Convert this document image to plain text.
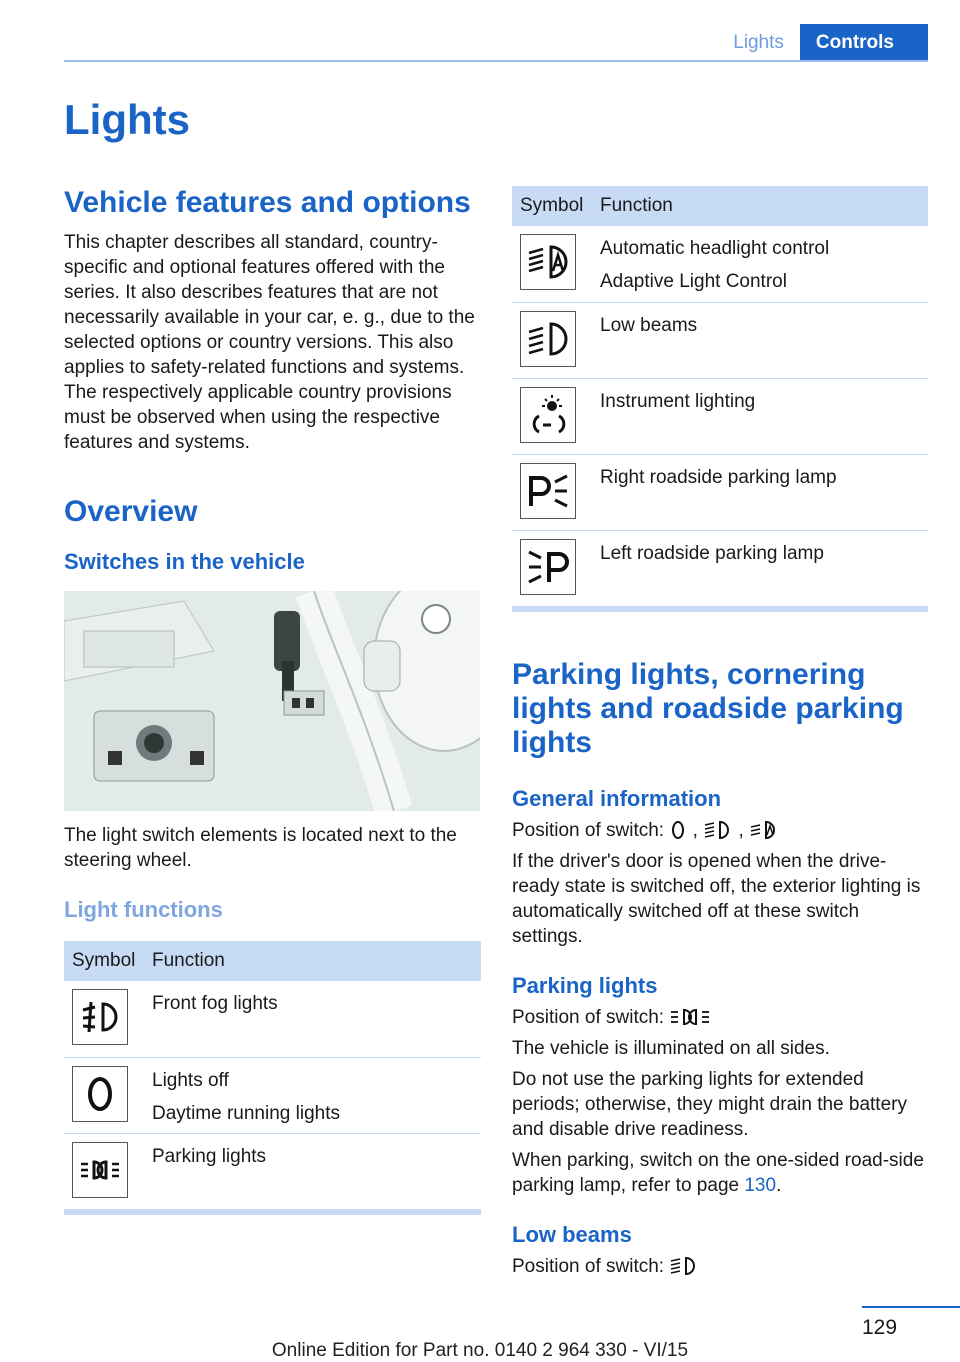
Lights	Controls
Lights
Vehicle features and options

This chapter describes all standard, country-specific and optional features offered with the series. It also describes features that are not necessarily available in your car, e. g., due to the selected options or country versions. This also applies to safety-related functions and systems. The respectively applicable country provisions must be observed when using the respective features and systems.

Overview
Switches in the vehicle

The light switch elements is located next to the steering wheel.

Light functions
Symbol	Function

Front fog lights

Lights off
Daytime running lights

Parking lights
Symbol	Function

Automatic headlight control
Adaptive Light Control

Low beams

Instrument lighting

Right roadside parking lamp

Left roadside parking lamp
Parking lights, cornering lights and roadside parking lights
General information

Position of switch: , ,

If the driver's door is opened when the drive-ready state is switched off, the exterior lighting is automatically switched off at these switch settings.

Parking lights

Position of switch:

The vehicle is illuminated on all sides.

Do not use the parking lights for extended periods; otherwise, they might drain the battery and disable drive readiness.

When parking, switch on the one-sided road-side parking lamp, refer to page 130.

Low beams

Position of switch:

129
Online Edition for Part no. 0140 2 964 330 - VI/15
